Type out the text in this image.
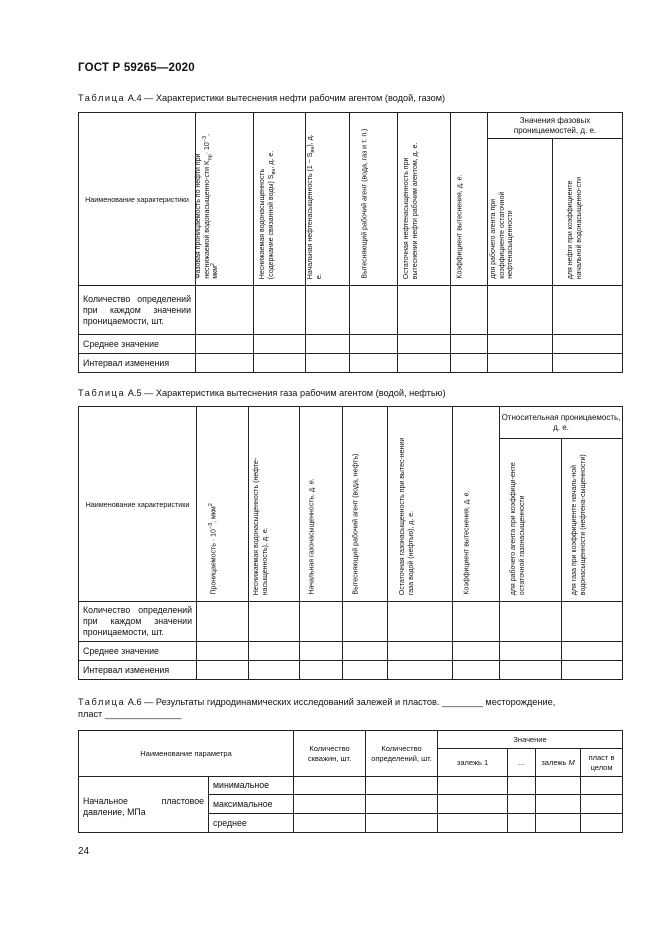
ГОСТ Р 59265—2020
Таблица А.4 — Характеристики вытеснения нефти рабочим агентом (водой, газом)
Наименование характеристики	Фазовая проницаемость по нефти при неснижаемой водонасыщенно-сти $K_{пр}\cdot 10^{-3}$, мкм$^2$	Неснижаемая водонасыщенность (содержание связанной воды) $S_{вн}$, д. е.	Начальная нефтенасыщенность $(1 - S_{вн})$, д. е.	Вытесняющий рабочий агент (вода, газ и т. п.)	Остаточная нефтенасыщенность при вытеснении нефти рабочим агентом, д. е.	Коэффициент вытеснения, д. е.	Значения фазовых проницаемостей, д. е.	

							для рабочего агента при коэффициенте остаточной нефтенасыщенности	для нефти при коэффициенте начальной водонасыщенно-сти

Количество определений при каждом значении проницаемости, шт.								
Среднее значение								
Интервал изменения								
Таблица А.5 — Характеристика вытеснения газа рабочим агентом (водой, нефтью)
Наименование характеристики	Проницаемость · $10^{-3}$, мкм$^2$	Неснижаемая водонасыщенность (нефте-насыщенность), д. е.	Начальная газонасыщенность, д. е.	Вытесняющий рабочий агент (вода, нефть)	Остаточная газонасыщенность при вытес-нении газа водой (нефтью), д. е.	Коэффициент вытеснения, д. е.	Относительная проницаемость, д. е.	

							для рабочего агента при коэффици-енте остаточной газонасыщенности	для газа при коэффициенте началь-ной водонасыщенности (нефтена-сыщенности)

Количество определений при каждом значении проницаемости, шт.								
Среднее значение								
Интервал изменения								
Таблица А.6 — Результаты гидродинамических исследований залежей и пластов. ________ месторождение,
пласт _______________
Наименование параметра		Количество скважин, шт.	Количество определений, шт.	Значение			
				залежь 1	…	залежь M	пласт в целом
Начальное пластовое давление, МПа	минимальное						
	максимальное						
	среднее						
24
